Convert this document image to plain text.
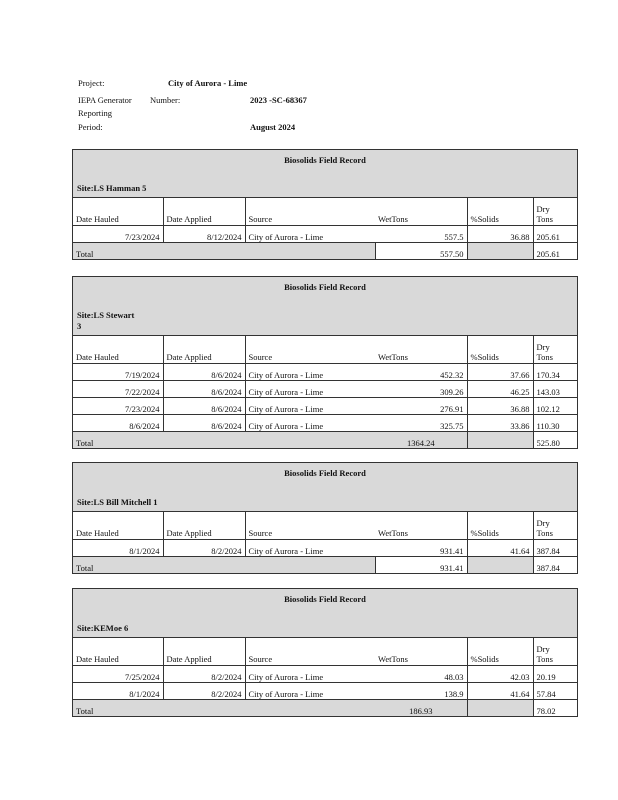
Project:	City of Aurora - Lime
IEPA Generator Number:	2023 -SC-68367
Reporting
Period:	August 2024
Biosolids Field Record
Site:LS Hamman 5
Date Hauled	Date Applied	Source	WetTons	%Solids	Dry
Tons
7/23/2024	8/12/2024	City of Aurora - Lime	557.5	36.88	205.61
Total			557.50		205.61
Biosolids Field Record
Site:LS Stewart
3
Date Hauled	Date Applied	Source	WetTons	%Solids	Dry
Tons
7/19/2024	8/6/2024	City of Aurora - Lime	452.32	37.66	170.34
7/22/2024	8/6/2024	City of Aurora - Lime	309.26	46.25	143.03
7/23/2024	8/6/2024	City of Aurora - Lime	276.91	36.88	102.12
8/6/2024	8/6/2024	City of Aurora - Lime	325.75	33.86	110.30
Total			1364.24		525.80
Biosolids Field Record
Site:LS Bill Mitchell 1
Date Hauled	Date Applied	Source	WetTons	%Solids	Dry
Tons
8/1/2024	8/2/2024	City of Aurora - Lime	931.41	41.64	387.84
Total			931.41		387.84
Biosolids Field Record
Site:KEMoe 6
Date Hauled	Date Applied	Source	WetTons	%Solids	Dry
Tons
7/25/2024	8/2/2024	City of Aurora - Lime	48.03	42.03	20.19
8/1/2024	8/2/2024	City of Aurora - Lime	138.9	41.64	57.84
Total			186.93		78.02
